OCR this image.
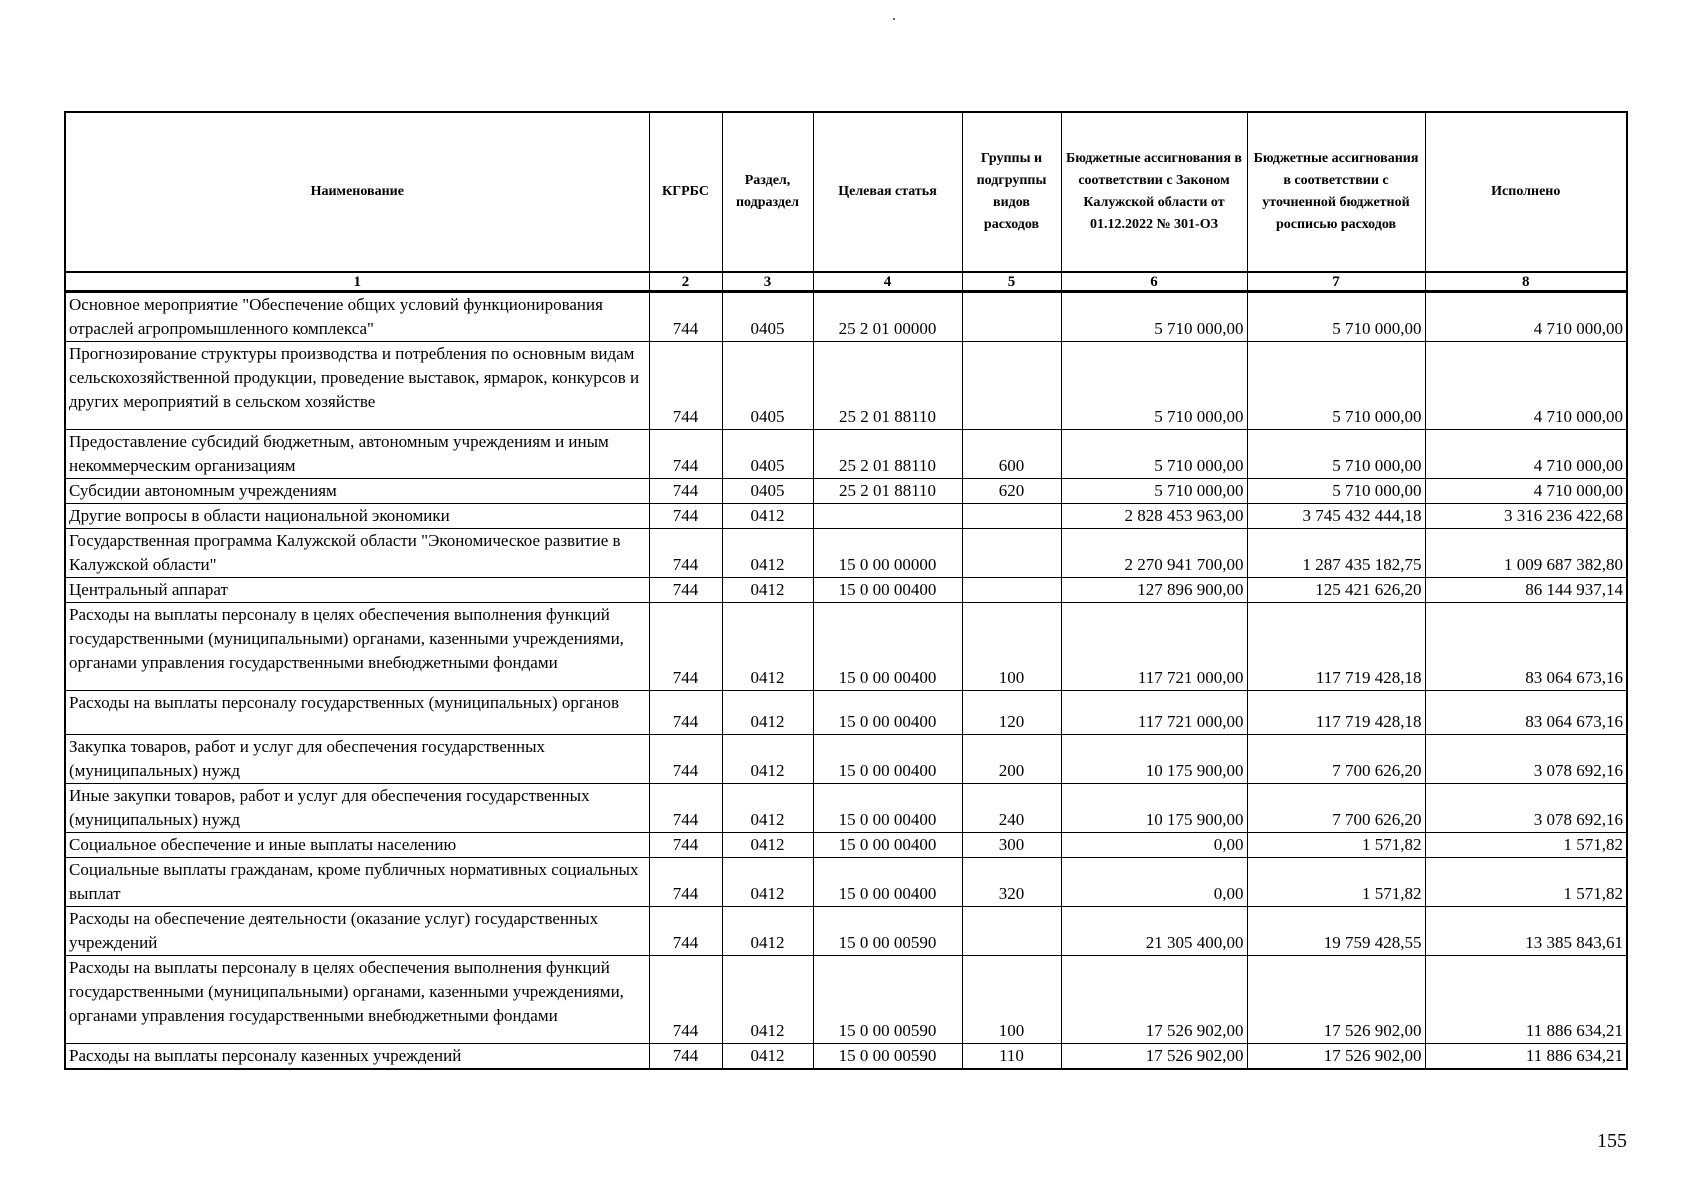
Наименование	КГРБС	Раздел, подраздел	Целевая статья	Группы и подгруппы видов расходов	Бюджетные ассигнования в соответствии с Законом Калужской области от 01.12.2022 № 301-ОЗ	Бюджетные ассигнования в соответствии с уточненной бюджетной росписью расходов	Исполнено
1	2	3	4	5	6	7	8
Основное мероприятие "Обеспечение общих условий функционирования отраслей агропромышленного комплекса"	744	0405	25 2 01 00000		5 710 000,00	5 710 000,00	4 710 000,00
Прогнозирование структуры производства и потребления по основным видам сельскохозяйственной продукции, проведение выставок, ярмарок, конкурсов и других мероприятий в сельском хозяйстве	744	0405	25 2 01 88110		5 710 000,00	5 710 000,00	4 710 000,00
Предоставление субсидий бюджетным, автономным учреждениям и иным некоммерческим организациям	744	0405	25 2 01 88110	600	5 710 000,00	5 710 000,00	4 710 000,00
Субсидии автономным учреждениям	744	0405	25 2 01 88110	620	5 710 000,00	5 710 000,00	4 710 000,00
Другие вопросы в области национальной экономики	744	0412			2 828 453 963,00	3 745 432 444,18	3 316 236 422,68
Государственная программа Калужской области "Экономическое развитие в Калужской области"	744	0412	15 0 00 00000		2 270 941 700,00	1 287 435 182,75	1 009 687 382,80
Центральный аппарат	744	0412	15 0 00 00400		127 896 900,00	125 421 626,20	86 144 937,14
Расходы на выплаты персоналу в целях обеспечения выполнения функций государственными (муниципальными) органами, казенными учреждениями, органами управления государственными внебюджетными фондами	744	0412	15 0 00 00400	100	117 721 000,00	117 719 428,18	83 064 673,16
Расходы на выплаты персоналу государственных (муниципальных) органов	744	0412	15 0 00 00400	120	117 721 000,00	117 719 428,18	83 064 673,16
Закупка товаров, работ и услуг для обеспечения государственных (муниципальных) нужд	744	0412	15 0 00 00400	200	10 175 900,00	7 700 626,20	3 078 692,16
Иные закупки товаров, работ и услуг для обеспечения государственных (муниципальных) нужд	744	0412	15 0 00 00400	240	10 175 900,00	7 700 626,20	3 078 692,16
Социальное обеспечение и иные выплаты населению	744	0412	15 0 00 00400	300	0,00	1 571,82	1 571,82
Социальные выплаты гражданам, кроме публичных нормативных социальных выплат	744	0412	15 0 00 00400	320	0,00	1 571,82	1 571,82
Расходы на обеспечение деятельности (оказание услуг) государственных учреждений	744	0412	15 0 00 00590		21 305 400,00	19 759 428,55	13 385 843,61
Расходы на выплаты персоналу в целях обеспечения выполнения функций государственными (муниципальными) органами, казенными учреждениями, органами управления государственными внебюджетными фондами	744	0412	15 0 00 00590	100	17 526 902,00	17 526 902,00	11 886 634,21
Расходы на выплаты персоналу казенных учреждений	744	0412	15 0 00 00590	110	17 526 902,00	17 526 902,00	11 886 634,21
155
